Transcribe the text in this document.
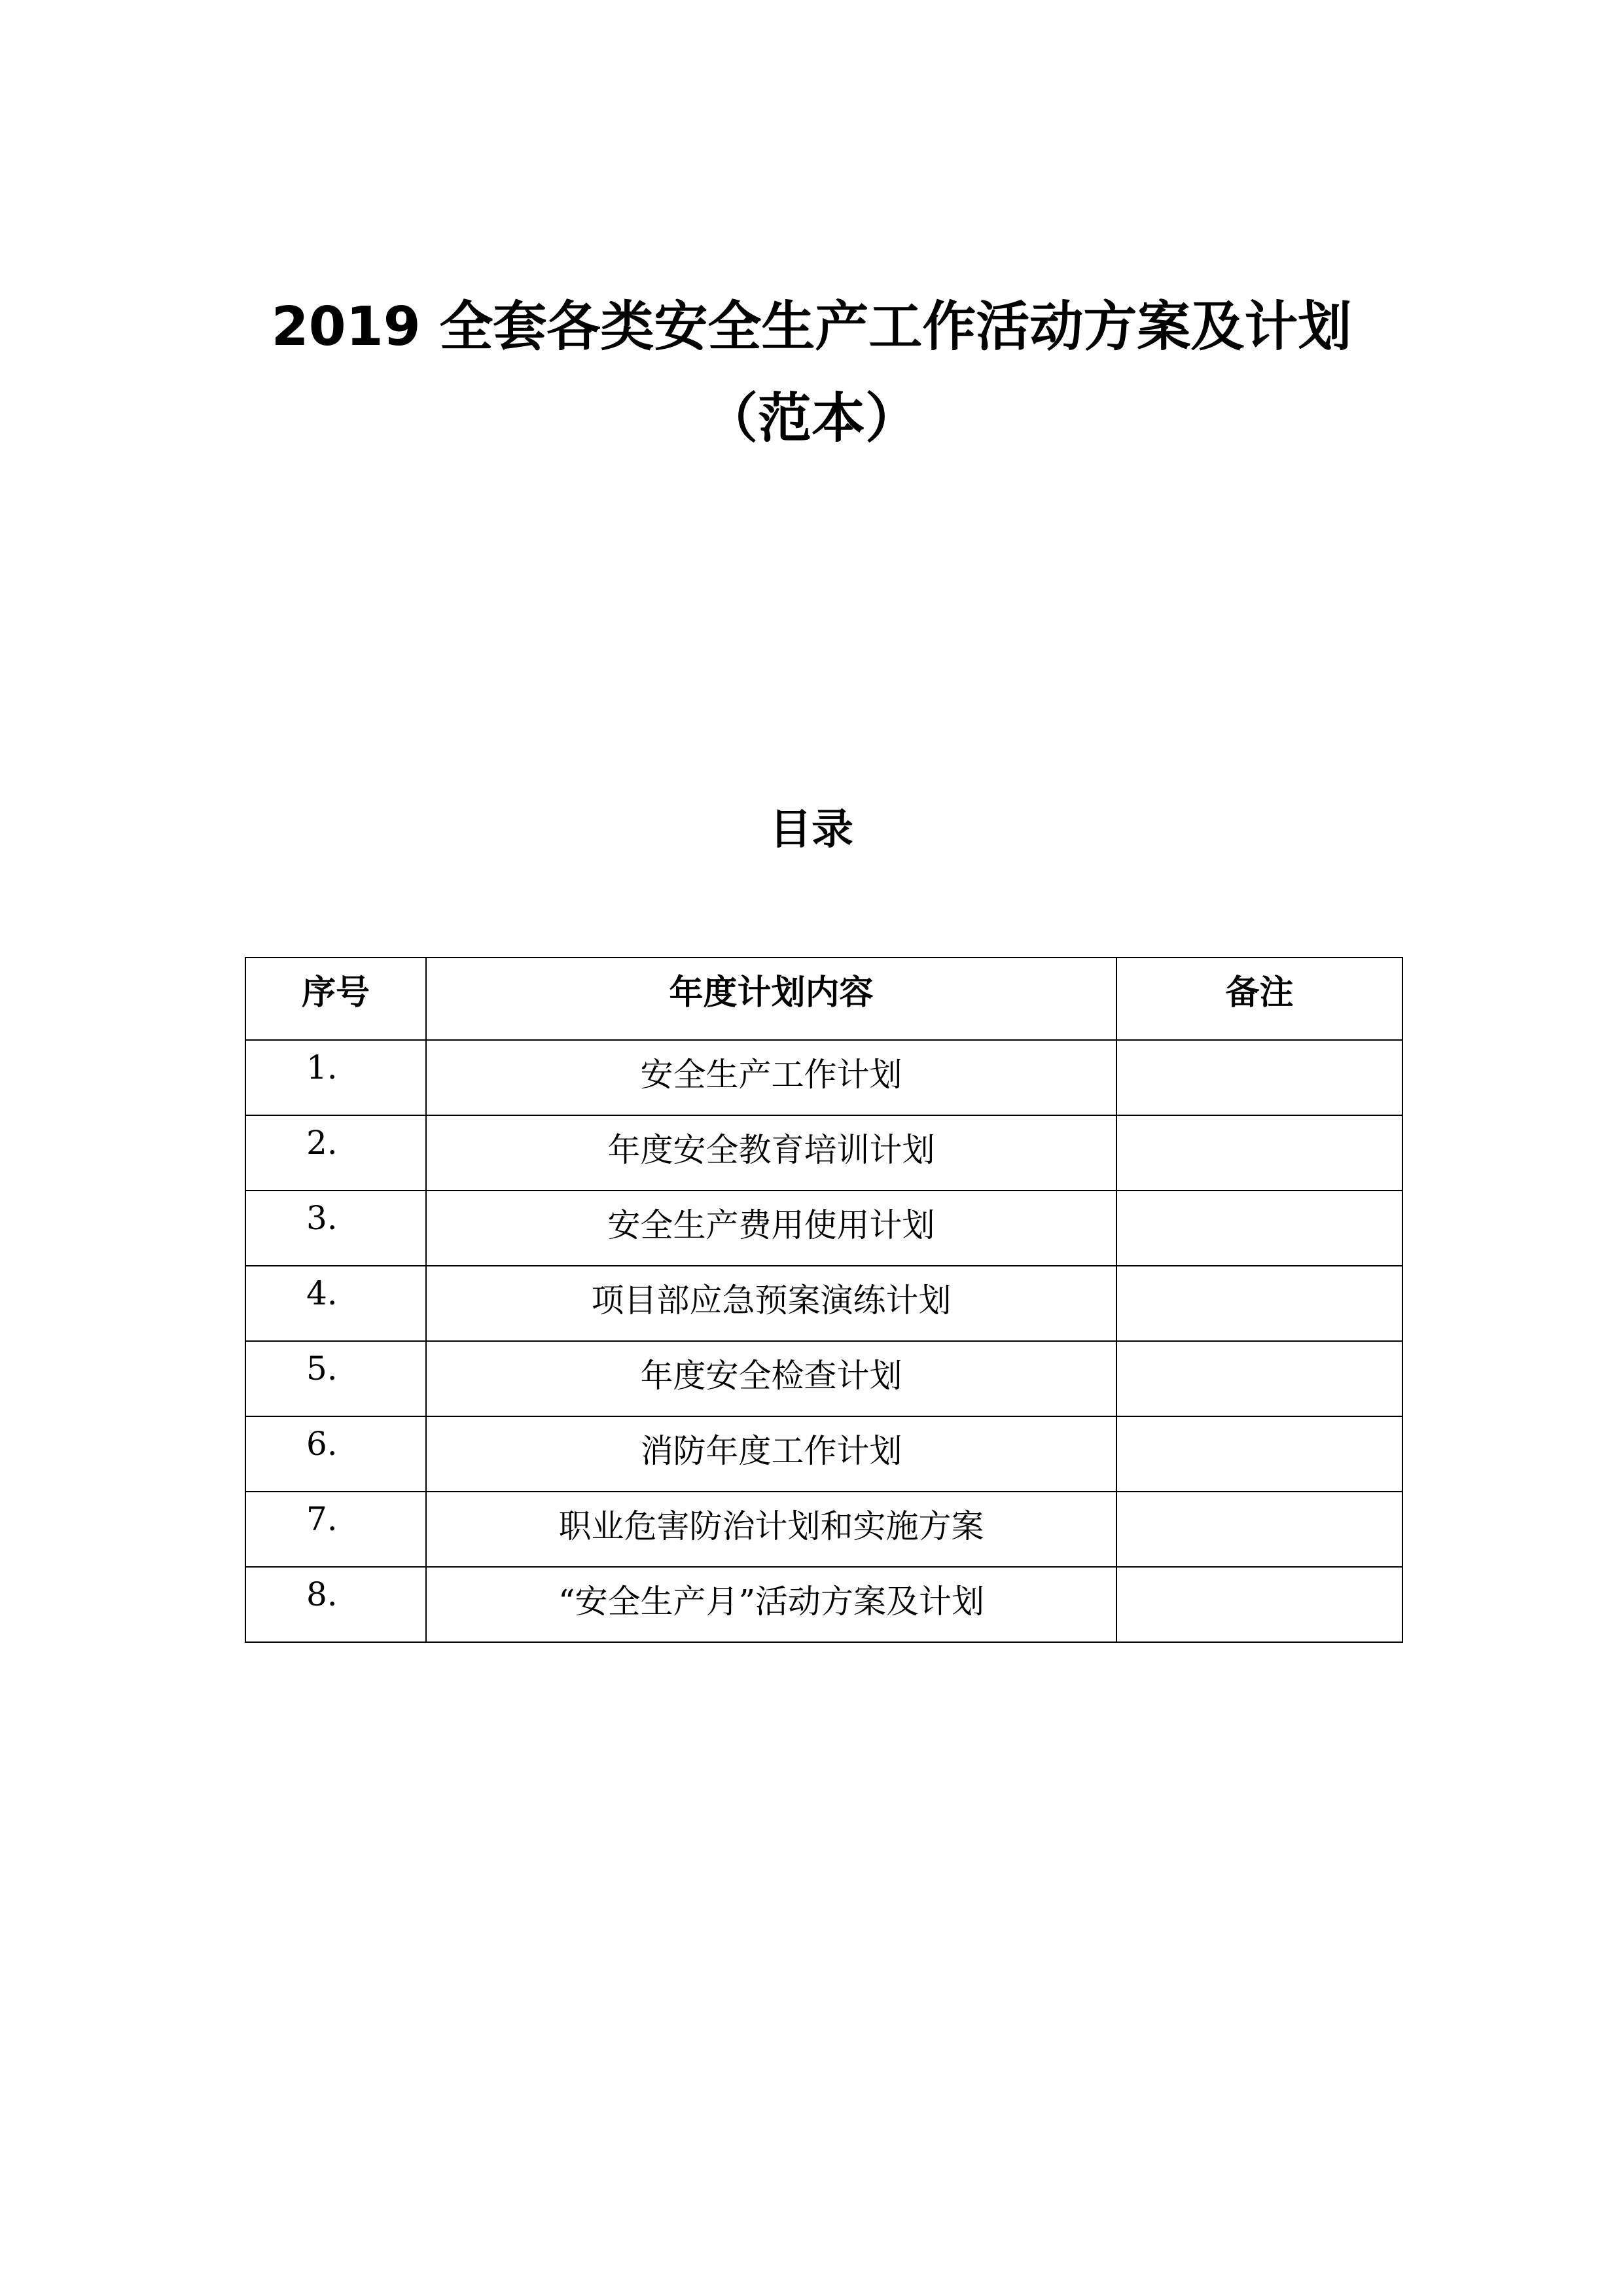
2019 全套各类安全生产工作活动方案及计划
（范本）
目录
序号	年度计划内容	备注
1.	安全生产工作计划	
2.	年度安全教育培训计划	
3.	安全生产费用使用计划	
4.	项目部应急预案演练计划	
5.	年度安全检查计划	
6.	消防年度工作计划	
7.	职业危害防治计划和实施方案	
8.	“安全生产月”活动方案及计划	
